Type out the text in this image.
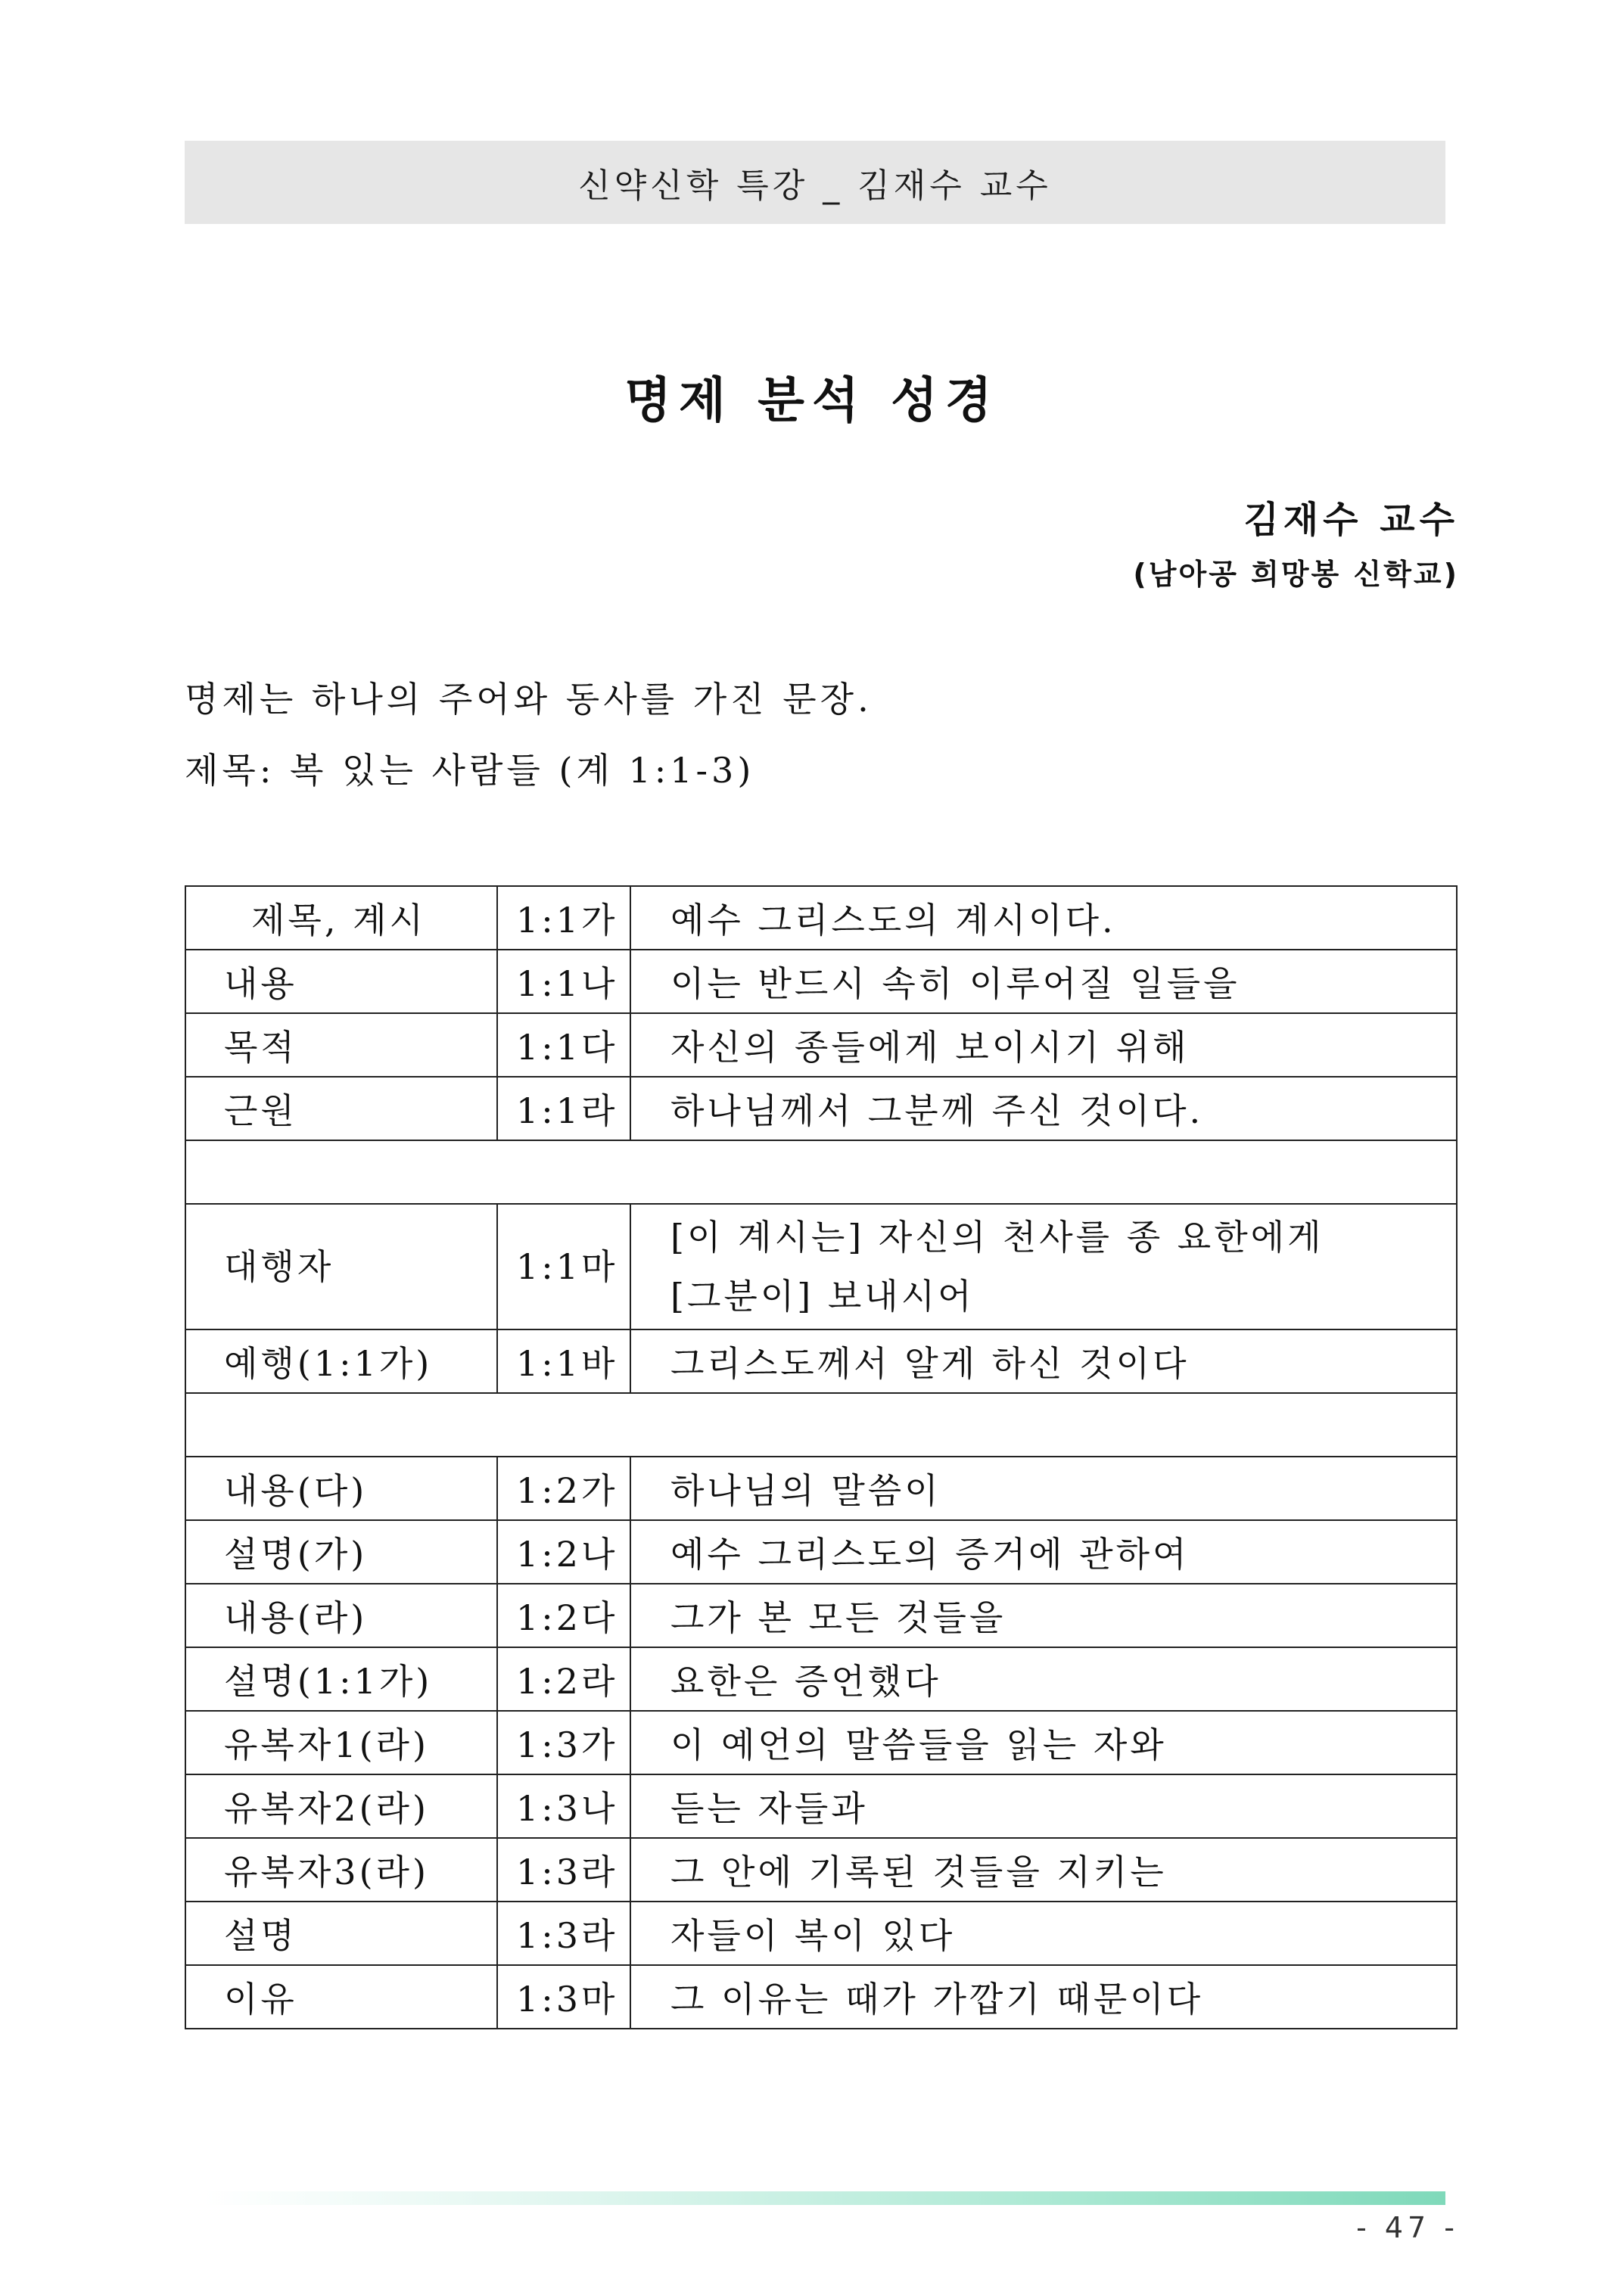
신약신학 특강 _ 김재수 교수
명제 분석 성경
김재수 교수
(남아공 희망봉 신학교)
명제는 하나의 주어와 동사를 가진 문장.
제목: 복 있는 사람들 (계 1:1-3)
제목, 계시	1:1가	예수 그리스도의 계시이다.
내용	1:1나	이는 반드시 속히 이루어질 일들을
목적	1:1다	자신의 종들에게 보이시기 위해
근원	1:1라	하나님께서 그분께 주신 것이다.

대행자	1:1마	[이 계시는] 자신의 천사를 종 요한에게
[그분이] 보내시어
예행(1:1가)	1:1바	그리스도께서 알게 하신 것이다

내용(다)	1:2가	하나님의 말씀이
설명(가)	1:2나	예수 그리스도의 증거에 관하여
내용(라)	1:2다	그가 본 모든 것들을
설명(1:1가)	1:2라	요한은 증언했다
유복자1(라)	1:3가	이 예언의 말씀들을 읽는 자와
유복자2(라)	1:3나	듣는 자들과
유복자3(라)	1:3라	그 안에 기록된 것들을 지키는
설명	1:3라	자들이 복이 있다
이유	1:3마	그 이유는 때가 가깝기 때문이다
- 47 -
